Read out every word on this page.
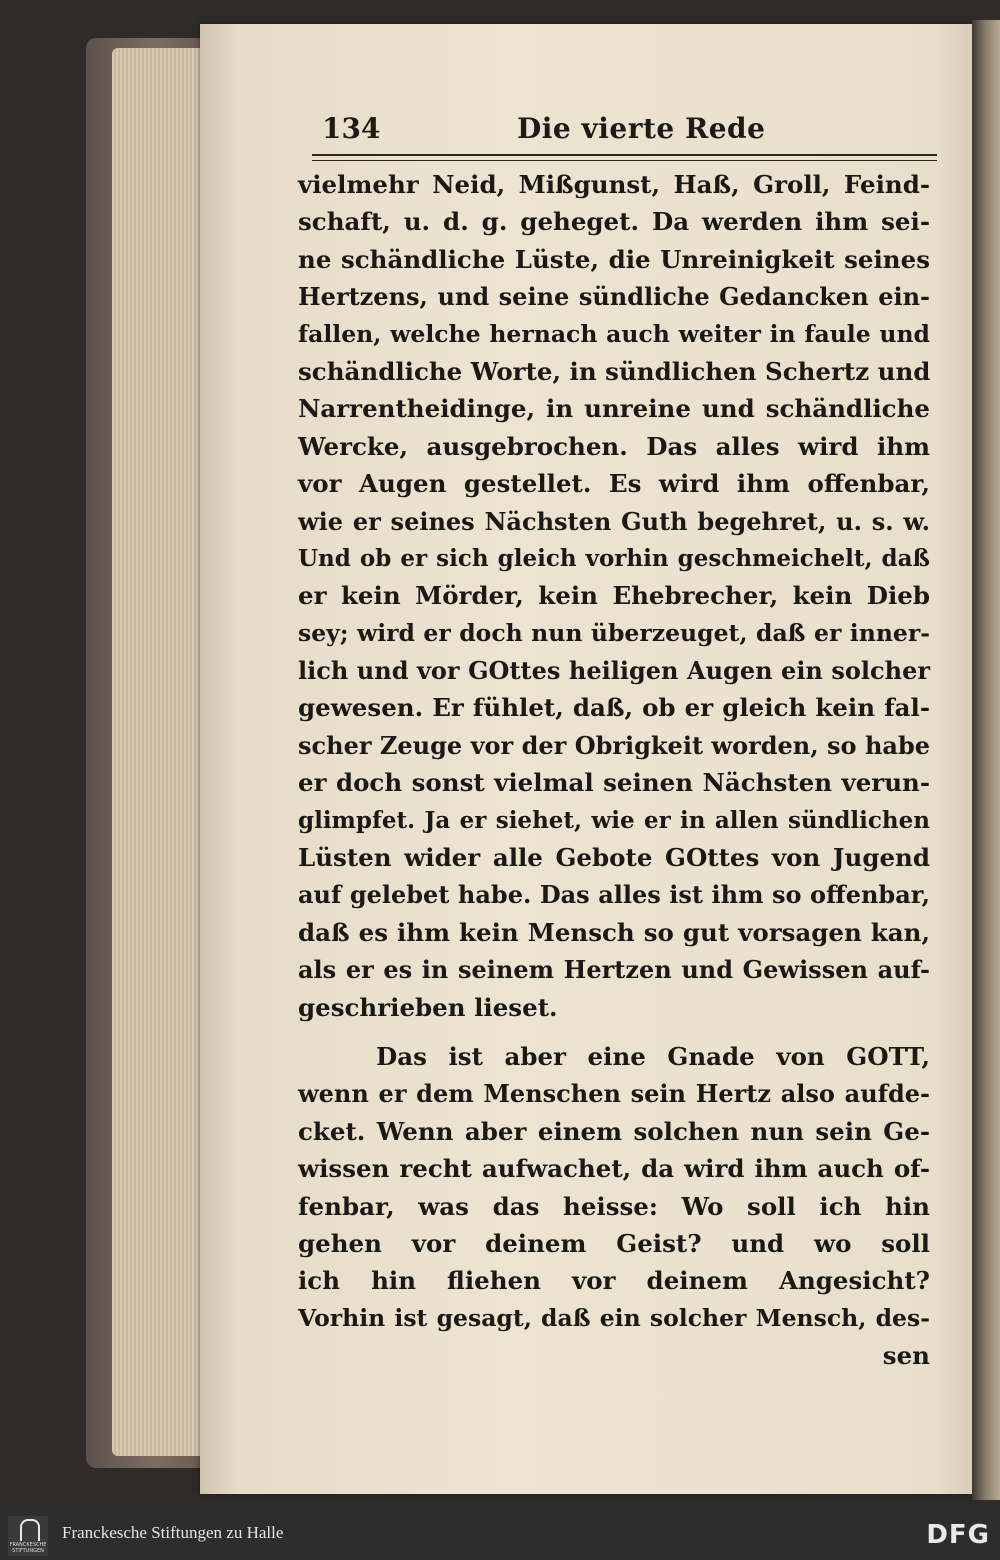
134	Die vierte Rede
vielmehr Neid, Mißgunst, Haß, Groll, Feind-
schaft, u. d. g. geheget. Da werden ihm sei-
ne schändliche Lüste, die Unreinigkeit seines
Hertzens, und seine sündliche Gedancken ein-
fallen, welche hernach auch weiter in faule und
schändliche Worte, in sündlichen Schertz und
Narrentheidinge, in unreine und schändliche
Wercke, ausgebrochen. Das alles wird ihm
vor Augen gestellet. Es wird ihm offenbar,
wie er seines Nächsten Guth begehret, u. s. w.
Und ob er sich gleich vorhin geschmeichelt, daß
er kein Mörder, kein Ehebrecher, kein Dieb
sey; wird er doch nun überzeuget, daß er inner-
lich und vor GOttes heiligen Augen ein solcher
gewesen. Er fühlet, daß, ob er gleich kein fal-
scher Zeuge vor der Obrigkeit worden, so habe
er doch sonst vielmal seinen Nächsten verun-
glimpfet. Ja er siehet, wie er in allen sündlichen
Lüsten wider alle Gebote GOttes von Jugend
auf gelebet habe. Das alles ist ihm so offenbar,
daß es ihm kein Mensch so gut vorsagen kan,
als er es in seinem Hertzen und Gewissen auf-
geschrieben lieset.
Das ist aber eine Gnade von GOTT,
wenn er dem Menschen sein Hertz also aufde-
cket. Wenn aber einem solchen nun sein Ge-
wissen recht aufwachet, da wird ihm auch of-
fenbar, was das heisse: Wo soll ich hin
gehen vor deinem Geist? und wo soll
ich hin fliehen vor deinem Angesicht?
Vorhin ist gesagt, daß ein solcher Mensch, des-
sen
FRANCKESCHE STIFTUNGEN
Franckesche Stiftungen zu Halle	DFG
